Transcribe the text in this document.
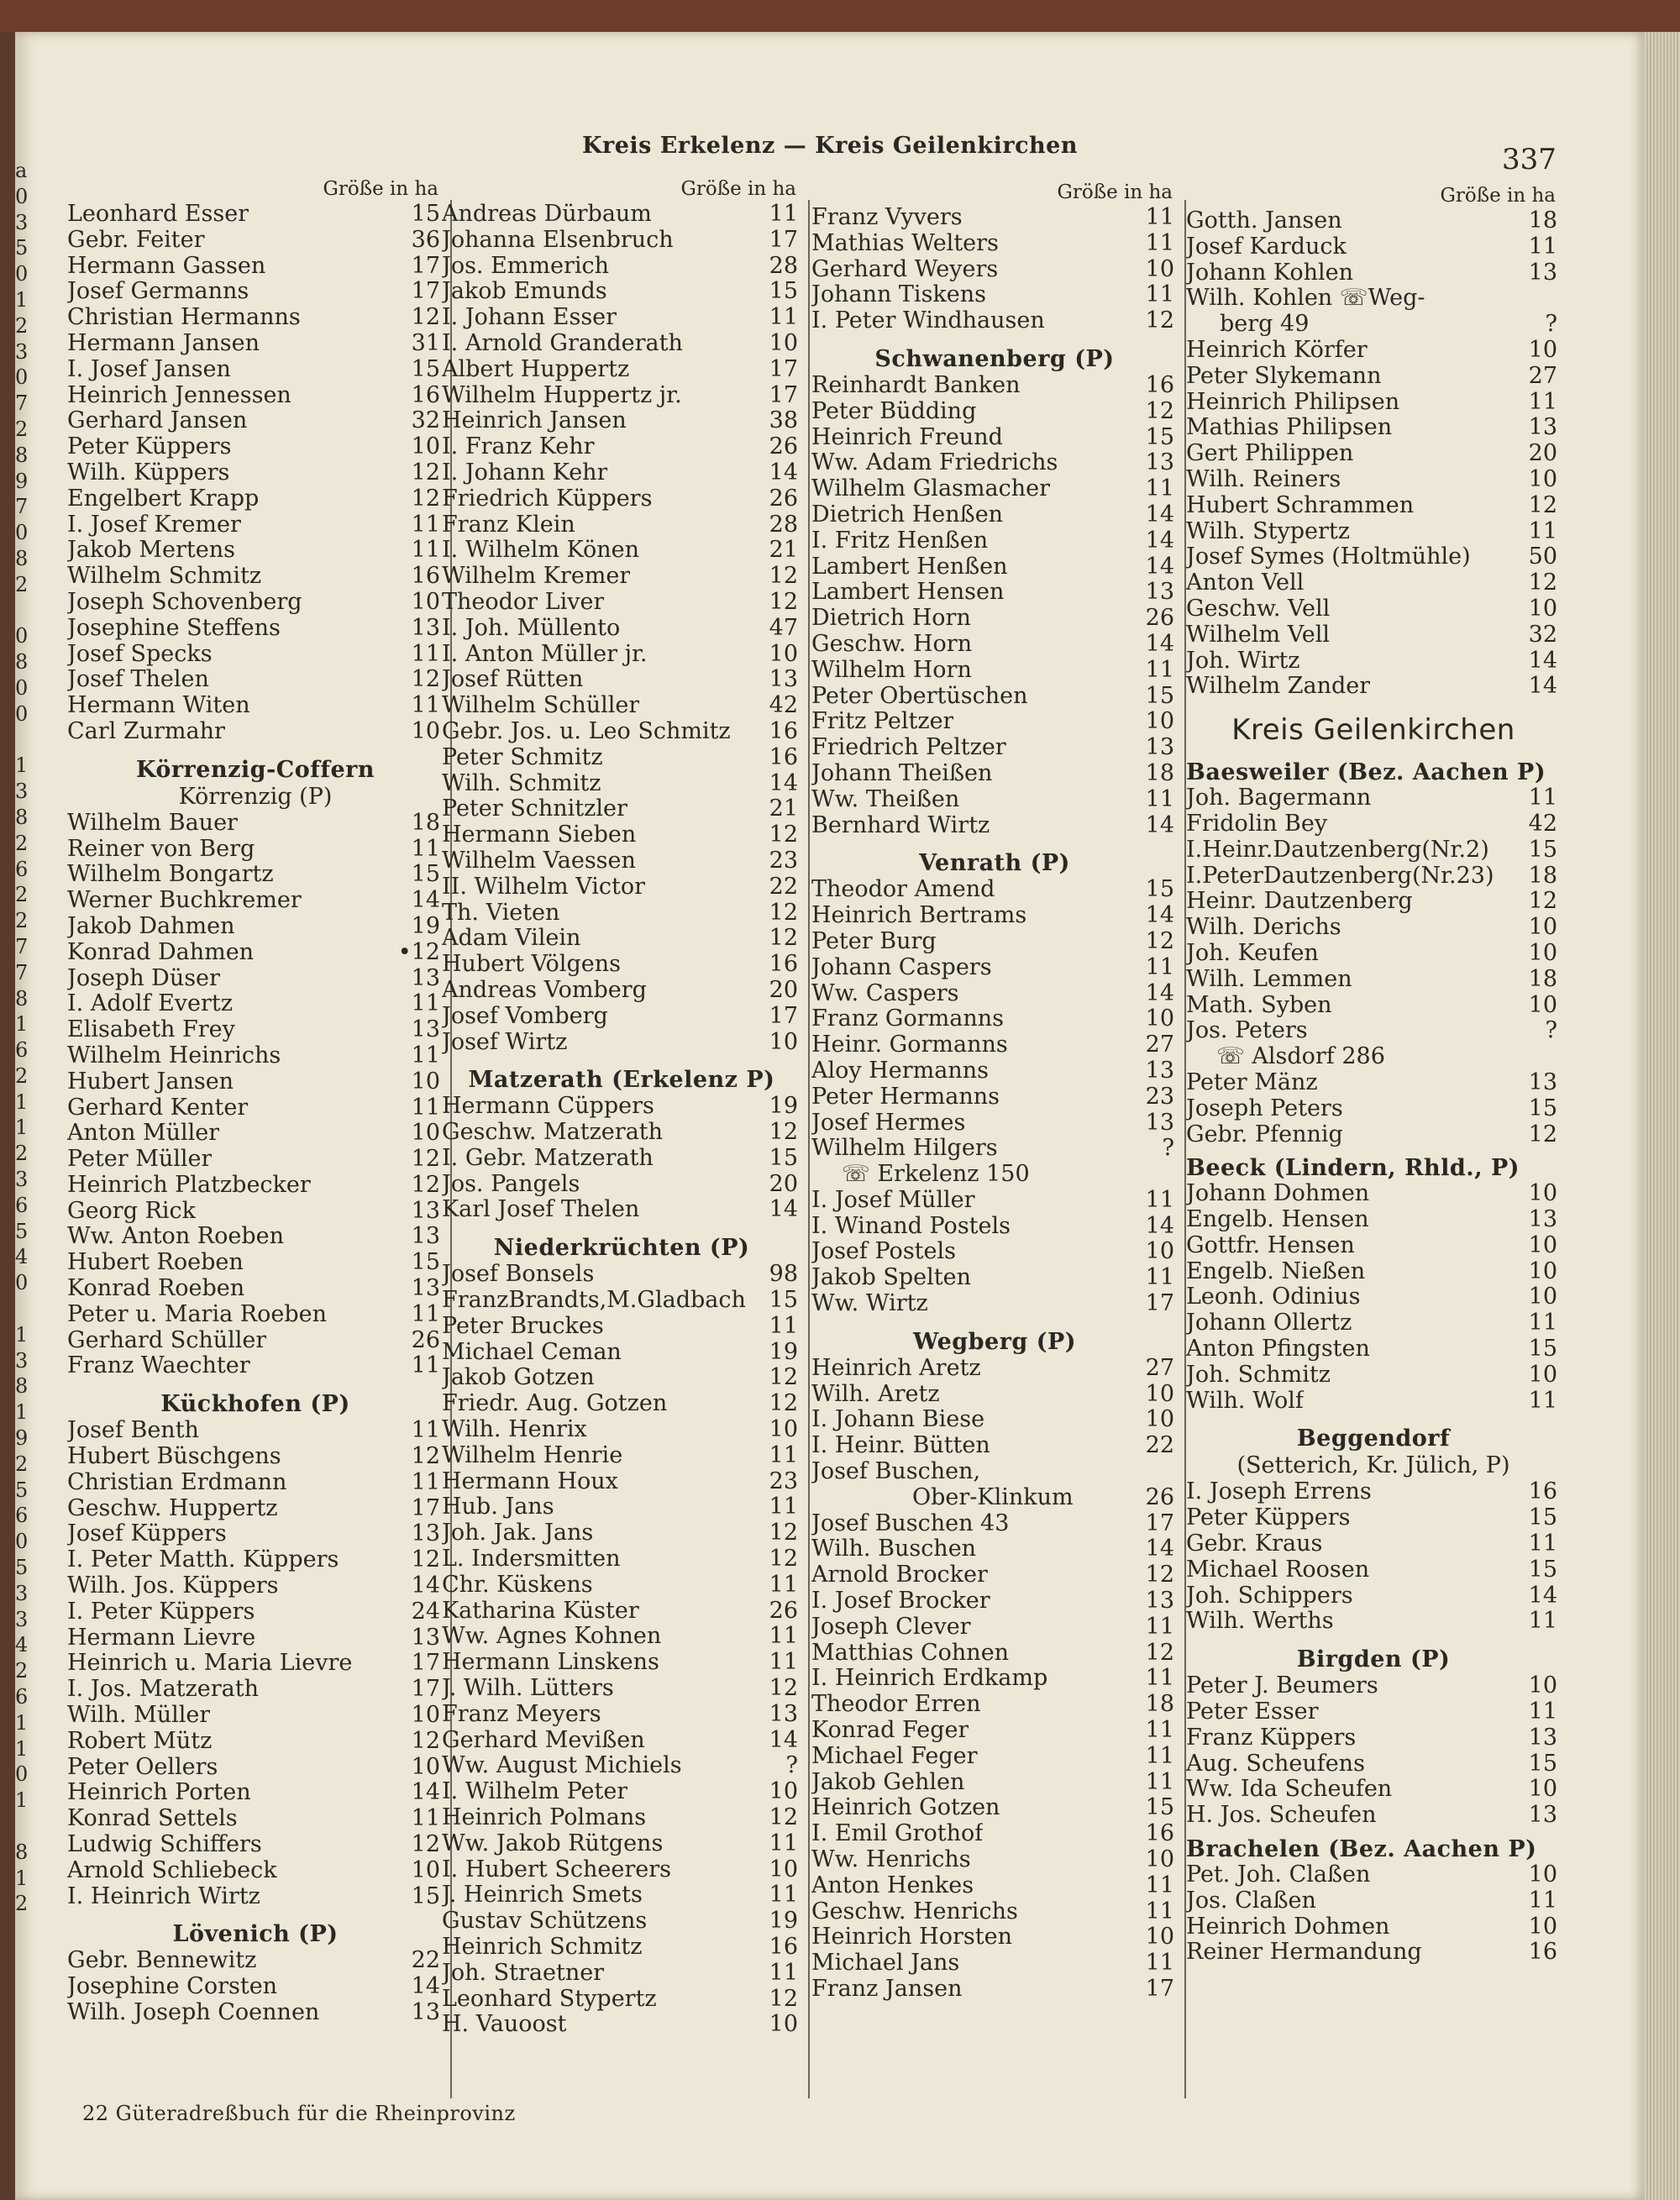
Kreis Erkelenz — Kreis Geilenkirchen	337
a
0
3
5
0
1
2
3
0
7
2
8
9
7
0
8
2
0
8
0
0
1
3
8
2
6
2
2
7
7
8
1
6
2
1
1
2
3
6
5
4
0
1
3
8
1
9
2
5
6
0
5
3
3
4
2
6
1
1
0
1
8
1
2
Größe in ha
Leonhard Esser	15
Gebr. Feiter	36
Hermann Gassen	17
Josef Germanns	17
Christian Hermanns	12
Hermann Jansen	31
I. Josef Jansen	15
Heinrich Jennessen	16
Gerhard Jansen	32
Peter Küppers	10
Wilh. Küppers	12
Engelbert Krapp	12
I. Josef Kremer	11
Jakob Mertens	11
Wilhelm Schmitz	16
Joseph Schovenberg	10
Josephine Steffens	13
Josef Specks	11
Josef Thelen	12
Hermann Witen	11
Carl Zurmahr	10
Körrenzig-Coffern
Körrenzig (P)
Wilhelm Bauer	18
Reiner von Berg	11
Wilhelm Bongartz	15
Werner Buchkremer	14
Jakob Dahmen	19
Konrad Dahmen	•12
Joseph Düser	13
I. Adolf Evertz	11
Elisabeth Frey	13
Wilhelm Heinrichs	11
Hubert Jansen	10
Gerhard Kenter	11
Anton Müller	10
Peter Müller	12
Heinrich Platzbecker	12
Georg Rick	13
Ww. Anton Roeben	13
Hubert Roeben	15
Konrad Roeben	13
Peter u. Maria Roeben	11
Gerhard Schüller	26
Franz Waechter	11
Kückhofen (P)
Josef Benth	11
Hubert Büschgens	12
Christian Erdmann	11
Geschw. Huppertz	17
Josef Küppers	13
I. Peter Matth. Küppers	12
Wilh. Jos. Küppers	14
I. Peter Küppers	24
Hermann Lievre	13
Heinrich u. Maria Lievre	17
I. Jos. Matzerath	17
Wilh. Müller	10
Robert Mütz	12
Peter Oellers	10
Heinrich Porten	14
Konrad Settels	11
Ludwig Schiffers	12
Arnold Schliebeck	10
I. Heinrich Wirtz	15
Lövenich (P)
Gebr. Bennewitz	22
Josephine Corsten	14
Wilh. Joseph Coennen	13
Größe in ha
Andreas Dürbaum	11
Johanna Elsenbruch	17
Jos. Emmerich	28
Jakob Emunds	15
I. Johann Esser	11
I. Arnold Granderath	10
Albert Huppertz	17
Wilhelm Huppertz jr.	17
Heinrich Jansen	38
I. Franz Kehr	26
I. Johann Kehr	14
Friedrich Küppers	26
Franz Klein	28
I. Wilhelm Könen	21
Wilhelm Kremer	12
Theodor Liver	12
I. Joh. Müllento	47
I. Anton Müller jr.	10
Josef Rütten	13
Wilhelm Schüller	42
Gebr. Jos. u. Leo Schmitz	16
Peter Schmitz	16
Wilh. Schmitz	14
Peter Schnitzler	21
Hermann Sieben	12
Wilhelm Vaessen	23
II. Wilhelm Victor	22
Th. Vieten	12
Adam Vilein	12
Hubert Völgens	16
Andreas Vomberg	20
Josef Vomberg	17
Josef Wirtz	10
Matzerath (Erkelenz P)
Hermann Cüppers	19
Geschw. Matzerath	12
I. Gebr. Matzerath	15
Jos. Pangels	20
Karl Josef Thelen	14
Niederkrüchten (P)
Josef Bonsels	98
FranzBrandts,M.Gladbach	15
Peter Bruckes	11
Michael Ceman	19
Jakob Gotzen	12
Friedr. Aug. Gotzen	12
Wilh. Henrix	10
Wilhelm Henrie	11
Hermann Houx	23
Hub. Jans	11
Joh. Jak. Jans	12
L. Indersmitten	12
Chr. Küskens	11
Katharina Küster	26
Ww. Agnes Kohnen	11
Hermann Linskens	11
J. Wilh. Lütters	12
Franz Meyers	13
Gerhard Mevißen	14
Ww. August Michiels	?
I. Wilhelm Peter	10
Heinrich Polmans	12
Ww. Jakob Rütgens	11
I. Hubert Scheerers	10
J. Heinrich Smets	11
Gustav Schützens	19
Heinrich Schmitz	16
Joh. Straetner	11
Leonhard Stypertz	12
H. Vauoost	10
Größe in ha
Franz Vyvers	11
Mathias Welters	11
Gerhard Weyers	10
Johann Tiskens	11
I. Peter Windhausen	12
Schwanenberg (P)
Reinhardt Banken	16
Peter Büdding	12
Heinrich Freund	15
Ww. Adam Friedrichs	13
Wilhelm Glasmacher	11
Dietrich Henßen	14
I. Fritz Henßen	14
Lambert Henßen	14
Lambert Hensen	13
Dietrich Horn	26
Geschw. Horn	14
Wilhelm Horn	11
Peter Obertüschen	15
Fritz Peltzer	10
Friedrich Peltzer	13
Johann Theißen	18
Ww. Theißen	11
Bernhard Wirtz	14
Venrath (P)
Theodor Amend	15
Heinrich Bertrams	14
Peter Burg	12
Johann Caspers	11
Ww. Caspers	14
Franz Gormanns	10
Heinr. Gormanns	27
Aloy Hermanns	13
Peter Hermanns	23
Josef Hermes	13
Wilhelm Hilgers	?
☏ Erkelenz 150
I. Josef Müller	11
I. Winand Postels	14
Josef Postels	10
Jakob Spelten	11
Ww. Wirtz	17
Wegberg (P)
Heinrich Aretz	27
Wilh. Aretz	10
I. Johann Biese	10
I. Heinr. Bütten	22
Josef Buschen,
Ober-Klinkum	26
Josef Buschen 43	17
Wilh. Buschen	14
Arnold Brocker	12
I. Josef Brocker	13
Joseph Clever	11
Matthias Cohnen	12
I. Heinrich Erdkamp	11
Theodor Erren	18
Konrad Feger	11
Michael Feger	11
Jakob Gehlen	11
Heinrich Gotzen	15
I. Emil Grothof	16
Ww. Henrichs	10
Anton Henkes	11
Geschw. Henrichs	11
Heinrich Horsten	10
Michael Jans	11
Franz Jansen	17
Größe in ha
Gotth. Jansen	18
Josef Karduck	11
Johann Kohlen	13
Wilh. Kohlen ☏Weg-
berg 49	?
Heinrich Körfer	10
Peter Slykemann	27
Heinrich Philipsen	11
Mathias Philipsen	13
Gert Philippen	20
Wilh. Reiners	10
Hubert Schrammen	12
Wilh. Stypertz	11
Josef Symes (Holtmühle)	50
Anton Vell	12
Geschw. Vell	10
Wilhelm Vell	32
Joh. Wirtz	14
Wilhelm Zander	14
Kreis Geilenkirchen
Baesweiler (Bez. Aachen P)
Joh. Bagermann	11
Fridolin Bey	42
I.Heinr.Dautzenberg(Nr.2)	15
I.PeterDautzenberg(Nr.23)	18
Heinr. Dautzenberg	12
Wilh. Derichs	10
Joh. Keufen	10
Wilh. Lemmen	18
Math. Syben	10
Jos. Peters	?
☏ Alsdorf 286
Peter Mänz	13
Joseph Peters	15
Gebr. Pfennig	12
Beeck (Lindern, Rhld., P)
Johann Dohmen	10
Engelb. Hensen	13
Gottfr. Hensen	10
Engelb. Nießen	10
Leonh. Odinius	10
Johann Ollertz	11
Anton Pfingsten	15
Joh. Schmitz	10
Wilh. Wolf	11
Beggendorf
(Setterich, Kr. Jülich, P)
I. Joseph Errens	16
Peter Küppers	15
Gebr. Kraus	11
Michael Roosen	15
Joh. Schippers	14
Wilh. Werths	11
Birgden (P)
Peter J. Beumers	10
Peter Esser	11
Franz Küppers	13
Aug. Scheufens	15
Ww. Ida Scheufen	10
H. Jos. Scheufen	13
Brachelen (Bez. Aachen P)
Pet. Joh. Claßen	10
Jos. Claßen	11
Heinrich Dohmen	10
Reiner Hermandung	16
22 Güteradreßbuch für die Rheinprovinz
